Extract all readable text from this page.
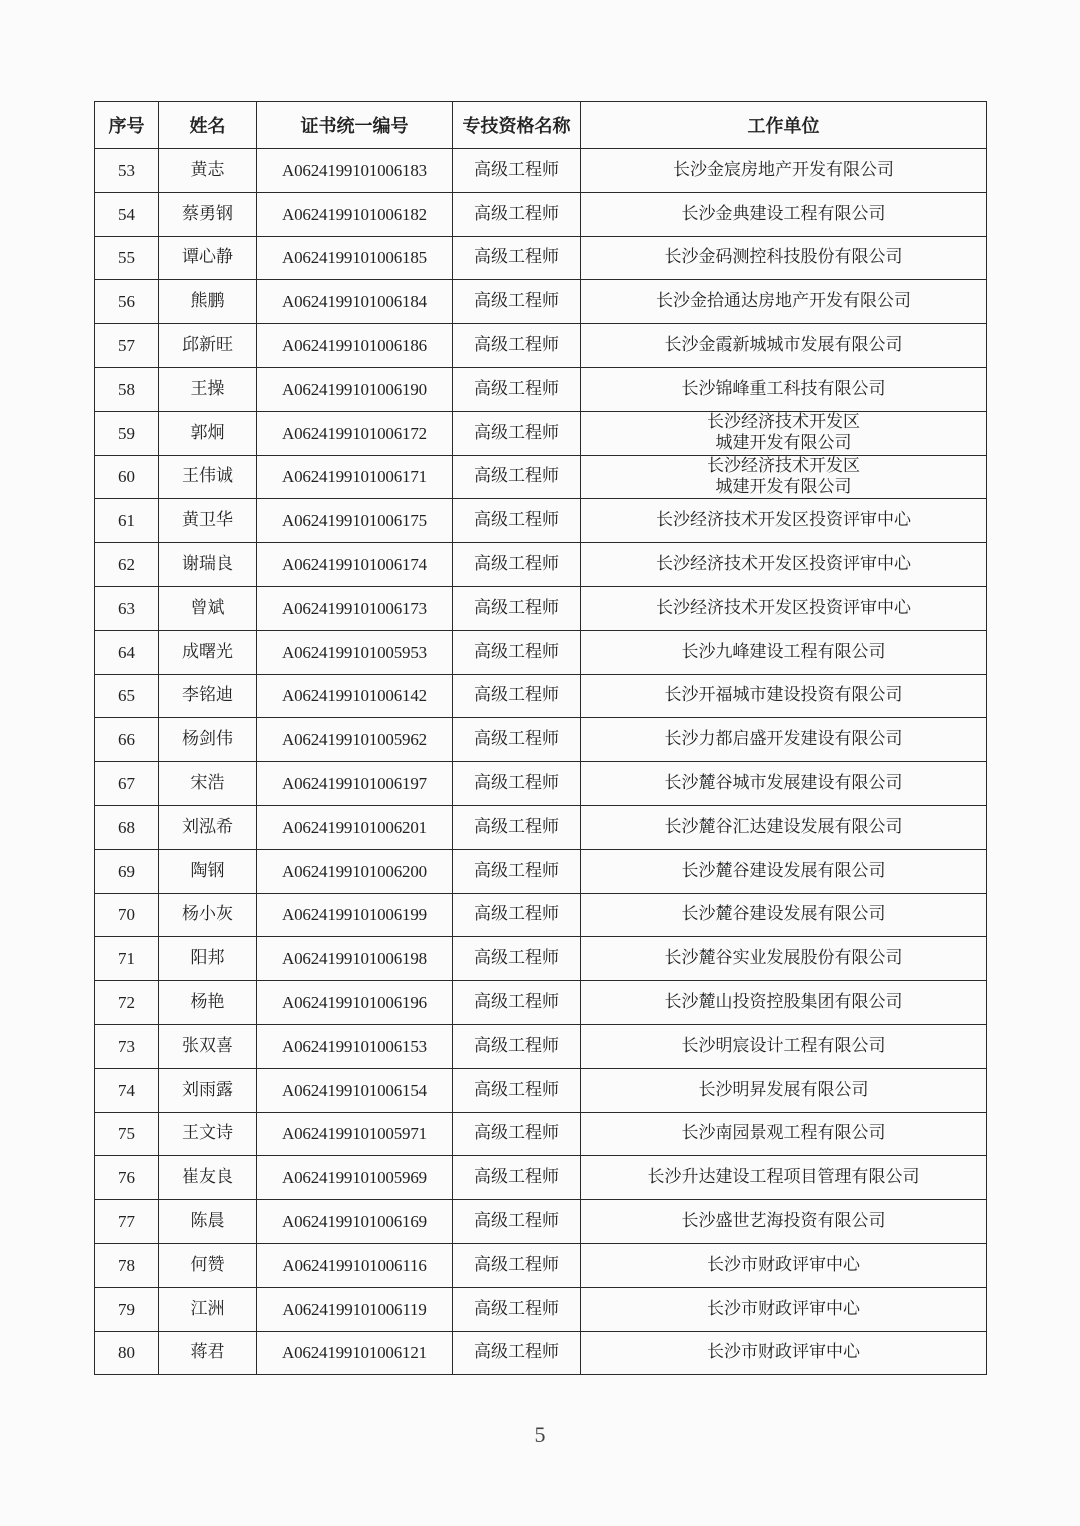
序号	姓名	证书统一编号	专技资格名称	工作单位
53	黄志	A0624199101006183	高级工程师	长沙金宸房地产开发有限公司
54	蔡勇钢	A0624199101006182	高级工程师	长沙金典建设工程有限公司
55	谭心静	A0624199101006185	高级工程师	长沙金码测控科技股份有限公司
56	熊鹏	A0624199101006184	高级工程师	长沙金拾通达房地产开发有限公司
57	邱新旺	A0624199101006186	高级工程师	长沙金霞新城城市发展有限公司
58	王操	A0624199101006190	高级工程师	长沙锦峰重工科技有限公司
59	郭炯	A0624199101006172	高级工程师	长沙经济技术开发区
城建开发有限公司
60	王伟诚	A0624199101006171	高级工程师	长沙经济技术开发区
城建开发有限公司
61	黄卫华	A0624199101006175	高级工程师	长沙经济技术开发区投资评审中心
62	谢瑞良	A0624199101006174	高级工程师	长沙经济技术开发区投资评审中心
63	曾斌	A0624199101006173	高级工程师	长沙经济技术开发区投资评审中心
64	成曙光	A0624199101005953	高级工程师	长沙九峰建设工程有限公司
65	李铭迪	A0624199101006142	高级工程师	长沙开福城市建设投资有限公司
66	杨剑伟	A0624199101005962	高级工程师	长沙力都启盛开发建设有限公司
67	宋浩	A0624199101006197	高级工程师	长沙麓谷城市发展建设有限公司
68	刘泓希	A0624199101006201	高级工程师	长沙麓谷汇达建设发展有限公司
69	陶钢	A0624199101006200	高级工程师	长沙麓谷建设发展有限公司
70	杨小灰	A0624199101006199	高级工程师	长沙麓谷建设发展有限公司
71	阳邦	A0624199101006198	高级工程师	长沙麓谷实业发展股份有限公司
72	杨艳	A0624199101006196	高级工程师	长沙麓山投资控股集团有限公司
73	张双喜	A0624199101006153	高级工程师	长沙明宸设计工程有限公司
74	刘雨露	A0624199101006154	高级工程师	长沙明昇发展有限公司
75	王文诗	A0624199101005971	高级工程师	长沙南园景观工程有限公司
76	崔友良	A0624199101005969	高级工程师	长沙升达建设工程项目管理有限公司
77	陈晨	A0624199101006169	高级工程师	长沙盛世艺海投资有限公司
78	何赞	A0624199101006116	高级工程师	长沙市财政评审中心
79	江洲	A0624199101006119	高级工程师	长沙市财政评审中心
80	蒋君	A0624199101006121	高级工程师	长沙市财政评审中心
5
